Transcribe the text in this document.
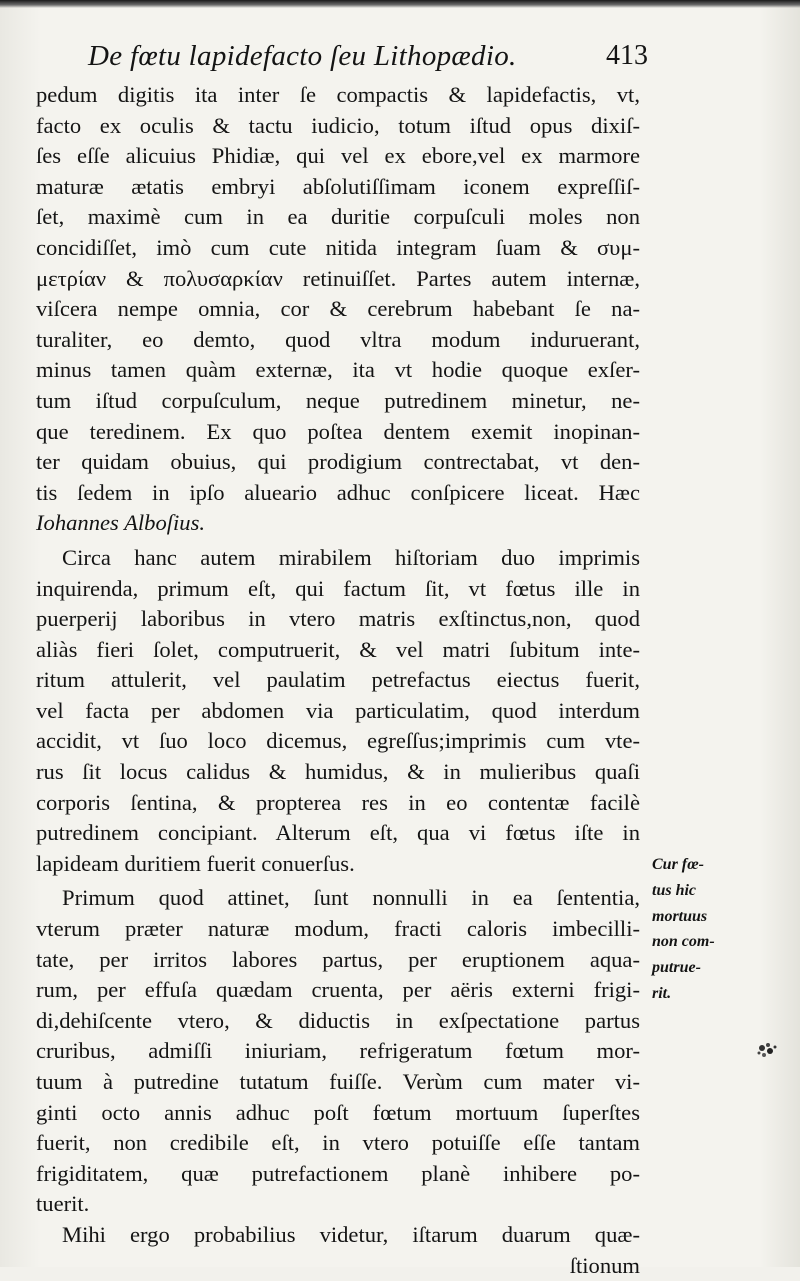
De fœtu lapidefacto ſeu Lithopædio.	413
pedum digitis ita inter ſe compactis & lapidefactis, vt,
facto ex oculis & tactu iudicio, totum iſtud opus dixiſ-
ſes eſſe alicuius Phidiæ, qui vel ex ebore,vel ex marmore
maturæ ætatis embryi abſolutiſſimam iconem expreſſiſ-
ſet, maximè cum in ea duritie corpuſculi moles non
concidiſſet, imò cum cute nitida integram ſuam & συμ-
μετρίαν & πολυσαρκίαν retinuiſſet. Partes autem internæ,
viſcera nempe omnia, cor & cerebrum habebant ſe na-
turaliter, eo demto, quod vltra modum induruerant,
minus tamen quàm externæ, ita vt hodie quoque exſer-
tum iſtud corpuſculum, neque putredinem minetur, ne-
que teredinem. Ex quo poſtea dentem exemit inopinan-
ter quidam obuius, qui prodigium contrectabat, vt den-
tis ſedem in ipſo alueario adhuc conſpicere liceat. Hæc
Iohannes Alboſius.
Circa hanc autem mirabilem hiſtoriam duo imprimis
inquirenda, primum eſt, qui factum ſit, vt fœtus ille in
puerperij laboribus in vtero matris exſtinctus,non, quod
aliàs fieri ſolet, computruerit, & vel matri ſubitum inte-
ritum attulerit, vel paulatim petrefactus eiectus fuerit,
vel facta per abdomen via particulatim, quod interdum
accidit, vt ſuo loco dicemus, egreſſus;imprimis cum vte-
rus ſit locus calidus & humidus, & in mulieribus quaſi
corporis ſentina, & propterea res in eo contentæ facilè
putredinem concipiant. Alterum eſt, qua vi fœtus iſte in
lapideam duritiem fuerit conuerſus.
Primum quod attinet, ſunt nonnulli in ea ſententia,
vterum præter naturæ modum, fracti caloris imbecilli-
tate, per irritos labores partus, per eruptionem aqua-
rum, per effuſa quædam cruenta, per aëris externi frigi-
di,dehiſcente vtero, & diductis in exſpectatione partus
cruribus, admiſſi iniuriam, refrigeratum fœtum mor-
tuum à putredine tutatum fuiſſe. Verùm cum mater vi-
ginti octo annis adhuc poſt fœtum mortuum ſuperſtes
fuerit, non credibile eſt, in vtero potuiſſe eſſe tantam
frigiditatem, quæ putrefactionem planè inhibere po-
tuerit.
Mihi ergo probabilius videtur, iſtarum duarum quæ-
ſtionum
Cur fœ-
tus hic
mortuus
non com-
putrue-
rit.
